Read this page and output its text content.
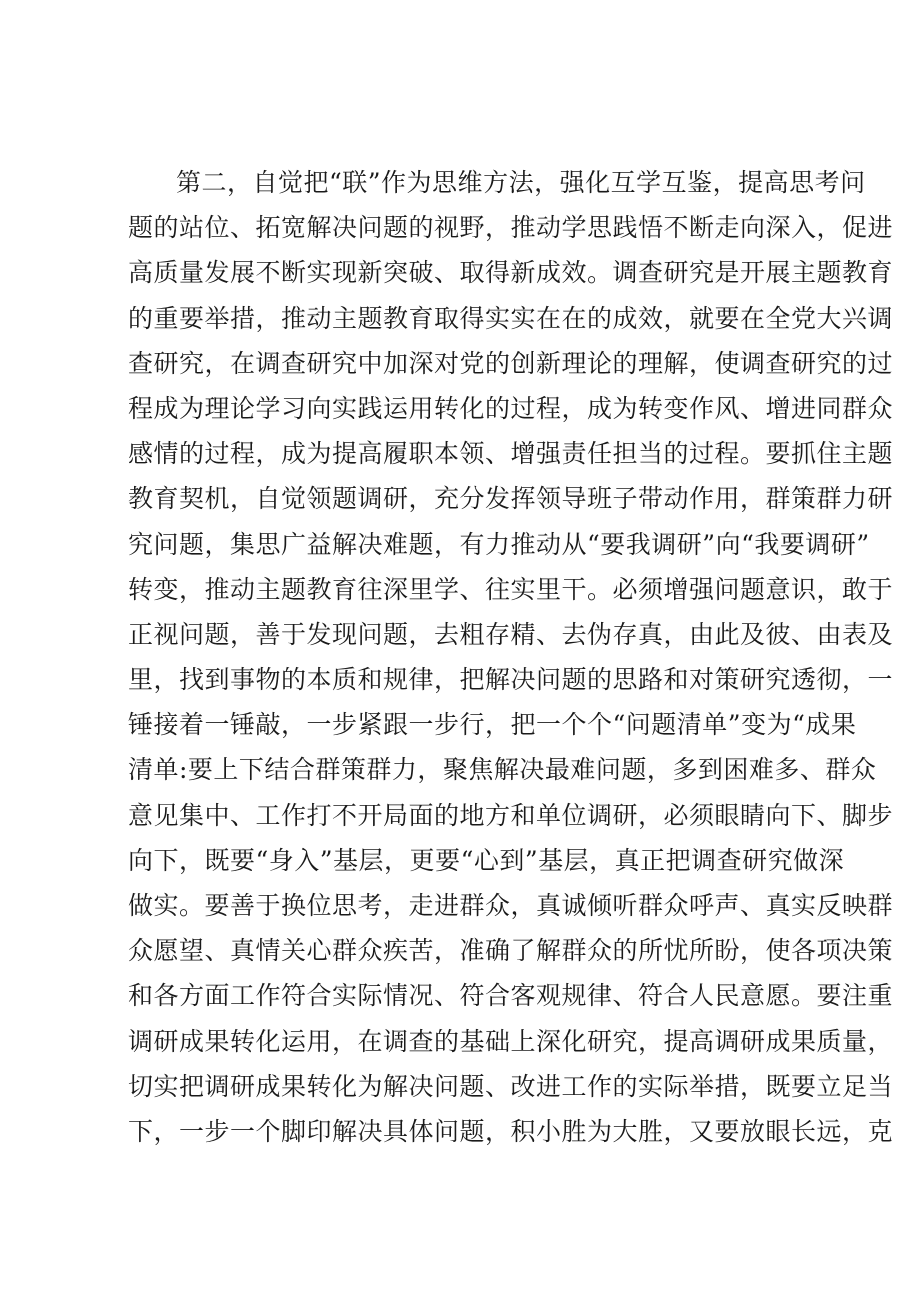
第二，自觉把“联”作为思维方法，强化互学互鉴，提高思考问
题的站位、拓宽解决问题的视野，推动学思践悟不断走向深入，促进
高质量发展不断实现新突破、取得新成效。调查研究是开展主题教育
的重要举措，推动主题教育取得实实在在的成效，就要在全党大兴调
查研究，在调查研究中加深对党的创新理论的理解，使调查研究的过
程成为理论学习向实践运用转化的过程，成为转变作风、增进同群众
感情的过程，成为提高履职本领、增强责任担当的过程。要抓住主题
教育契机，自觉领题调研，充分发挥领导班子带动作用，群策群力研
究问题，集思广益解决难题，有力推动从“要我调研”向“我要调研”
转变，推动主题教育往深里学、往实里干。必须增强问题意识，敢于
正视问题，善于发现问题，去粗存精、去伪存真，由此及彼、由表及
里，找到事物的本质和规律，把解决问题的思路和对策研究透彻，一
锤接着一锤敲，一步紧跟一步行，把一个个“问题清单”变为“成果
清单:要上下结合群策群力，聚焦解决最难问题，多到困难多、群众
意见集中、工作打不开局面的地方和单位调研，必须眼睛向下、脚步
向下，既要“身入”基层，更要“心到”基层，真正把调查研究做深
做实。要善于换位思考，走进群众，真诚倾听群众呼声、真实反映群
众愿望、真情关心群众疾苦，准确了解群众的所忧所盼，使各项决策
和各方面工作符合实际情况、符合客观规律、符合人民意愿。要注重
调研成果转化运用，在调查的基础上深化研究，提高调研成果质量，
切实把调研成果转化为解决问题、改进工作的实际举措，既要立足当
下，一步一个脚印解决具体问题，积小胜为大胜，又要放眼长远，克
